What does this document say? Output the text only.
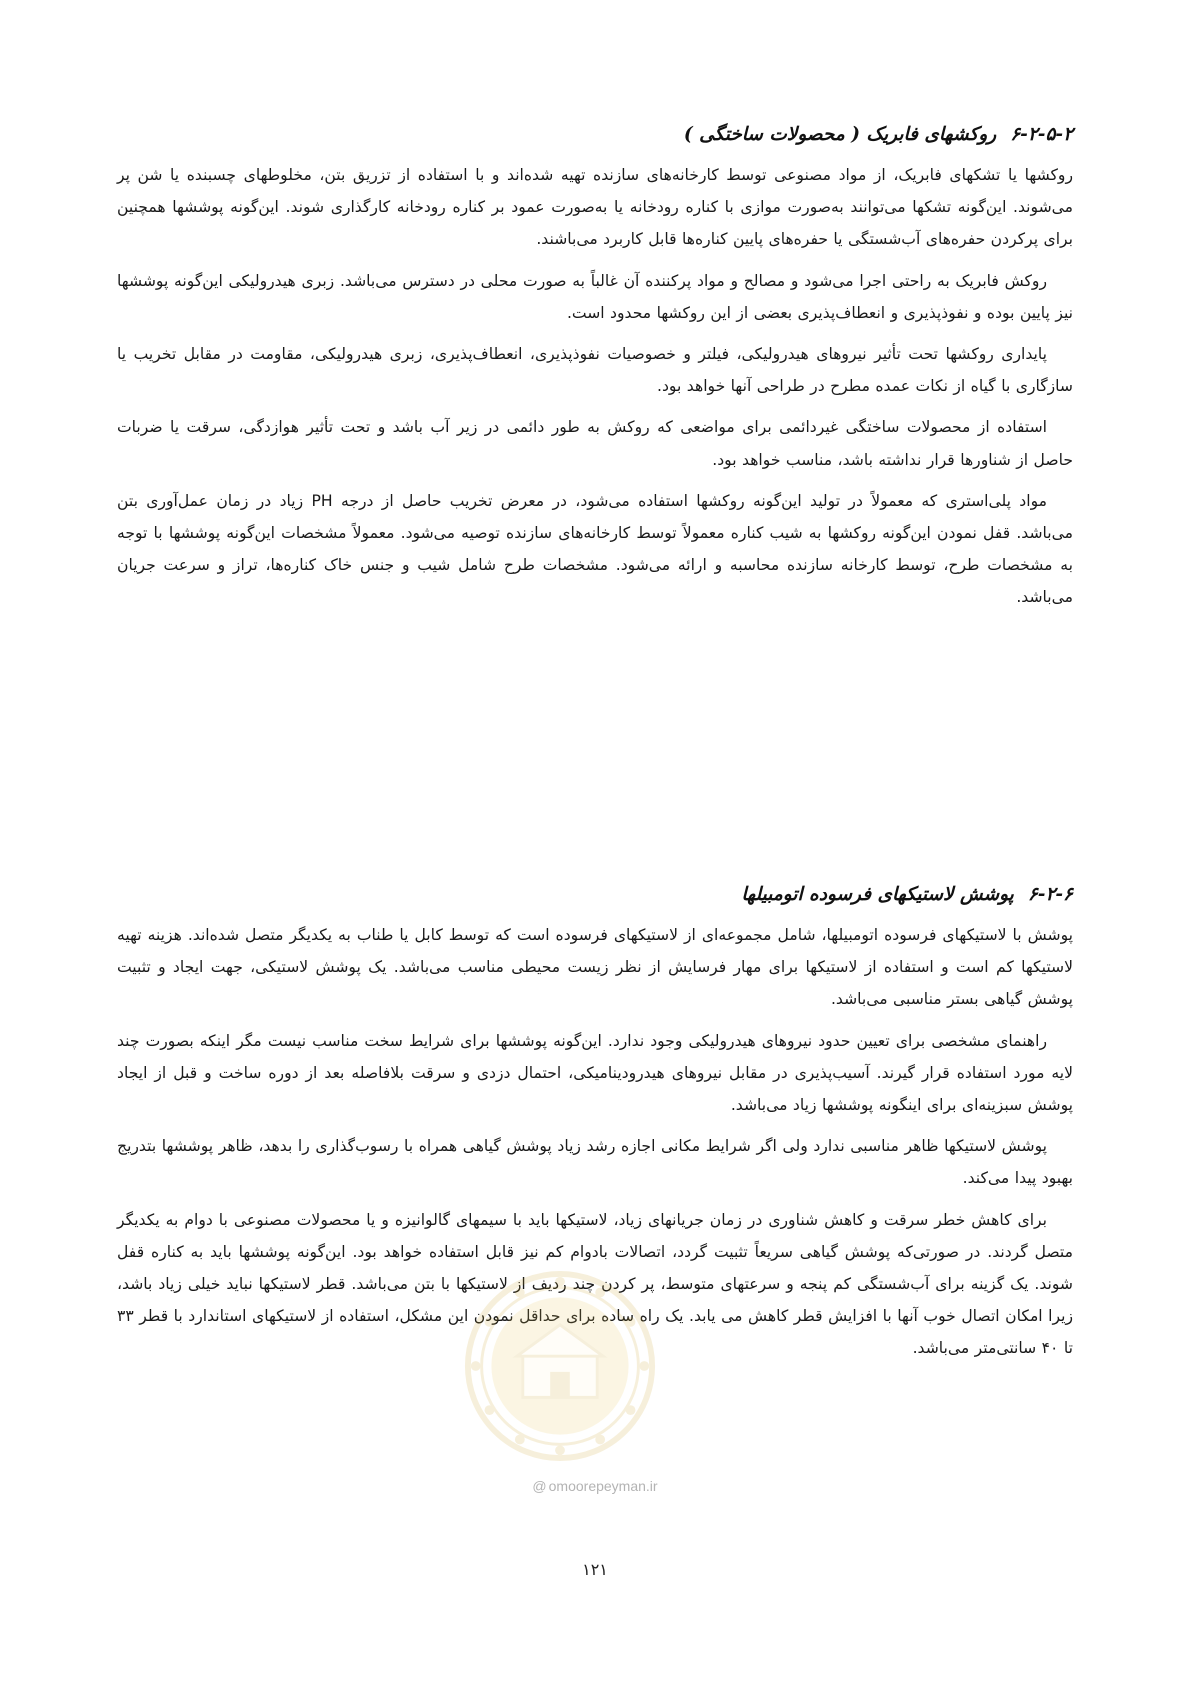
۶-۲-۵-۲روکشهای فابریک ( محصولات ساختگی )

روکشها یا تشکهای فابریک، از مواد مصنوعی توسط کارخانه‌های سازنده تهیه شده‌اند و با استفاده از تزریق بتن، مخلوطهای چسبنده یا شن پر می‌شوند. این‌گونه تشکها می‌توانند به‌صورت موازی با کناره رودخانه یا به‌صورت عمود بر کناره رودخانه کارگذاری شوند. این‌گونه پوششها همچنین برای پرکردن حفره‌های آب‌شستگی یا حفره‌های پایین کناره‌ها قابل کاربرد می‌باشند.

روکش فابریک به راحتی اجرا می‌شود و مصالح و مواد پرکننده آن غالباً به صورت محلی در دسترس می‌باشد. زبری هیدرولیکی این‌گونه پوششها نیز پایین بوده و نفوذپذیری و انعطاف‌پذیری بعضی از این روکشها محدود است.

پایداری روکشها تحت تأثیر نیروهای هیدرولیکی، فیلتر و خصوصیات نفوذپذیری، انعطاف‌پذیری، زبری هیدرولیکی، مقاومت در مقابل تخریب یا سازگاری با گیاه از نکات عمده مطرح در طراحی آنها خواهد بود.

استفاده از محصولات ساختگی غیردائمی برای مواضعی که روکش به طور دائمی در زیر آب باشد و تحت تأثیر هوازدگی، سرقت یا ضربات حاصل از شناورها قرار نداشته باشد، مناسب خواهد بود.

مواد پلی‌استری که معمولاً در تولید این‌گونه روکشها استفاده می‌شود، در معرض تخریب حاصل از درجه PH زیاد در زمان عمل‌آوری بتن می‌باشد. قفل نمودن این‌گونه روکشها به شیب کناره معمولاً توسط کارخانه‌های سازنده توصیه می‌شود. معمولاً مشخصات این‌گونه پوششها با توجه به مشخصات طرح، توسط کارخانه سازنده محاسبه و ارائه می‌شود. مشخصات طرح شامل شیب و جنس خاک کناره‌ها، تراز و سرعت جریان می‌باشد.

۶-۲-۶پوشش لاستیکهای فرسوده اتومبیلها

پوشش با لاستیکهای فرسوده اتومبیلها، شامل مجموعه‌ای از لاستیکهای فرسوده است که توسط کابل یا طناب به یکدیگر متصل شده‌اند. هزینه تهیه لاستیکها کم است و استفاده از لاستیکها برای مهار فرسایش از نظر زیست محیطی مناسب می‌باشد. یک پوشش لاستیکی، جهت ایجاد و تثبیت پوشش گیاهی بستر مناسبی می‌باشد.

راهنمای مشخصی برای تعیین حدود نیروهای هیدرولیکی وجود ندارد. این‌گونه پوششها برای شرایط سخت مناسب نیست مگر اینکه بصورت چند لایه مورد استفاده قرار گیرند. آسیب‌پذیری در مقابل نیروهای هیدرودینامیکی، احتمال دزدی و سرقت بلافاصله بعد از دوره ساخت و قبل از ایجاد پوشش سبزینه‌ای برای اینگونه پوششها زیاد می‌باشد.

پوشش لاستیکها ظاهر مناسبی ندارد ولی اگر شرایط مکانی اجازه رشد زیاد پوشش گیاهی همراه با رسوب‌گذاری را بدهد، ظاهر پوششها بتدریج بهبود پیدا می‌کند.

برای کاهش خطر سرقت و کاهش شناوری در زمان جریانهای زیاد، لاستیکها باید با سیمهای گالوانیزه و یا محصولات مصنوعی با دوام به یکدیگر متصل گردند. در صورتی‌که پوشش گیاهی سریعاً تثبیت گردد، اتصالات بادوام کم نیز قابل استفاده خواهد بود. این‌گونه پوششها باید به کناره قفل شوند. یک گزینه برای آب‌شستگی کم پنجه و سرعتهای متوسط، پر کردن چند ردیف از لاستیکها با بتن می‌باشد. قطر لاستیکها نباید خیلی زیاد باشد، زیرا امکان اتصال خوب آنها با افزایش قطر کاهش می یابد. یک راه ساده برای حداقل نمودن این مشکل، استفاده از لاستیکهای استاندارد با قطر ۳۳ تا ۴۰ سانتی‌متر می‌باشد.

@ omoorepeyman.ir
۱۲۱
